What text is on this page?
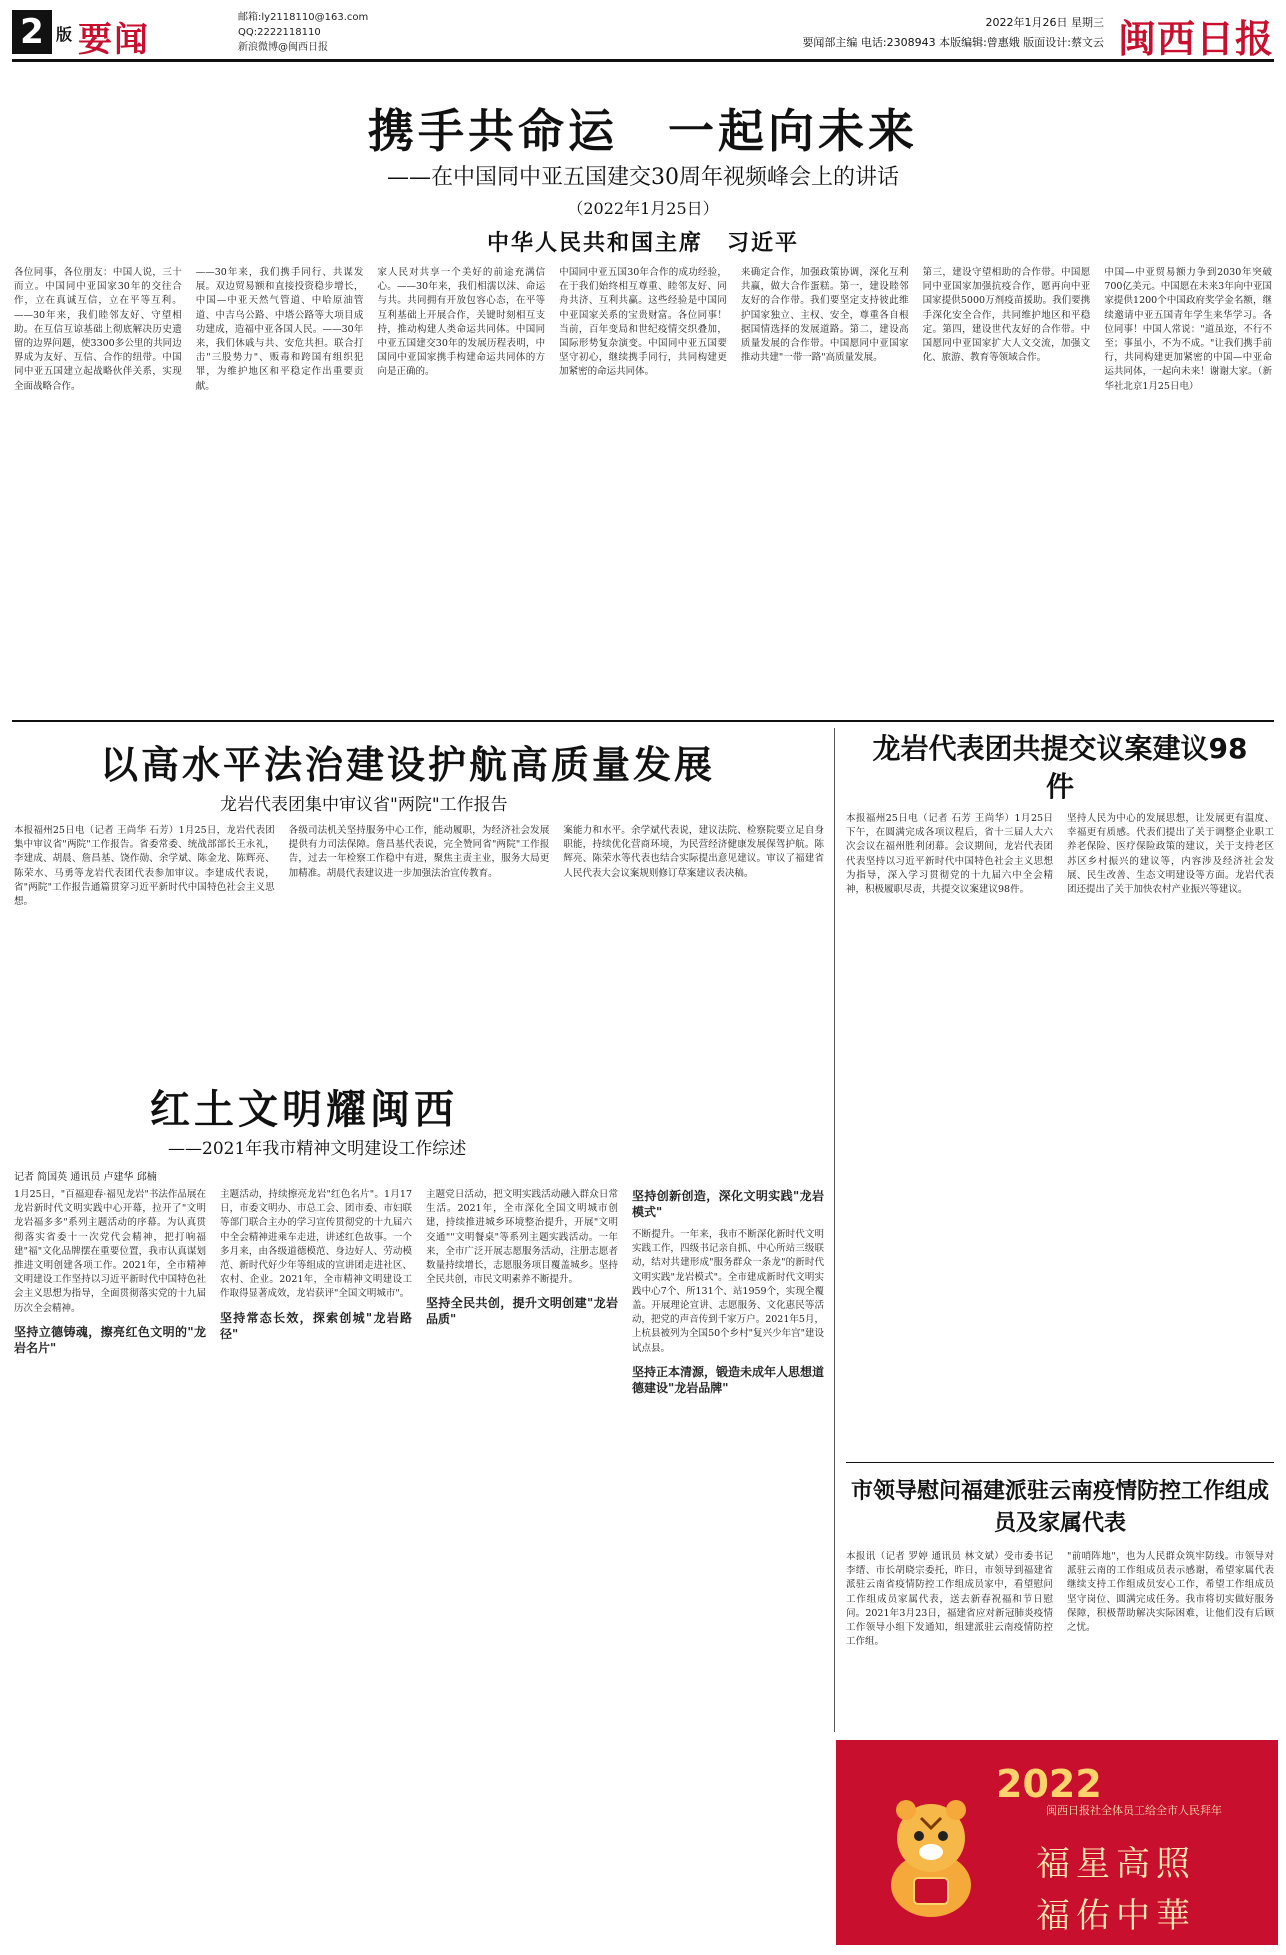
2 版 要闻
邮箱:ly2118110@163.com
QQ:2222118110
新浪微博@闽西日报
2022年1月26日 星期三
要闻部主编 电话:2308943 本版编辑:曾惠娥 版面设计:蔡文云 闽西日报
携手共命运　一起向未来
——在中国同中亚五国建交30周年视频峰会上的讲话
（2022年1月25日）
中华人民共和国主席　习近平
各位同事，各位朋友：中国人说，三十而立。中国同中亚国家30年的交往合作，立在真诚互信，立在平等互利。——30年来，我们睦邻友好、守望相助。在互信互谅基础上彻底解决历史遗留的边界问题，使3300多公里的共同边界成为友好、互信、合作的纽带。中国同中亚五国建立起战略伙伴关系，实现全面战略合作。
——30年来，我们携手同行、共谋发展。双边贸易额和直接投资稳步增长，中国—中亚天然气管道、中哈原油管道、中吉乌公路、中塔公路等大项目成功建成，造福中亚各国人民。——30年来，我们休戚与共、安危共担。联合打击"三股势力"、贩毒和跨国有组织犯罪，为维护地区和平稳定作出重要贡献。
家人民对共享一个美好的前途充满信心。——30年来，我们相濡以沫、命运与共。共同拥有开放包容心态，在平等互利基础上开展合作，关键时刻相互支持，推动构建人类命运共同体。中国同中亚五国建交30年的发展历程表明，中国同中亚国家携手构建命运共同体的方向是正确的。
中国同中亚五国30年合作的成功经验，在于我们始终相互尊重、睦邻友好、同舟共济、互利共赢。这些经验是中国同中亚国家关系的宝贵财富。各位同事！当前，百年变局和世纪疫情交织叠加，国际形势复杂演变。中国同中亚五国要坚守初心，继续携手同行，共同构建更加紧密的命运共同体。
来确定合作，加强政策协调，深化互利共赢，做大合作蛋糕。第一，建设睦邻友好的合作带。我们要坚定支持彼此维护国家独立、主权、安全，尊重各自根据国情选择的发展道路。第二，建设高质量发展的合作带。中国愿同中亚国家推动共建"一带一路"高质量发展。
第三，建设守望相助的合作带。中国愿同中亚国家加强抗疫合作，愿再向中亚国家提供5000万剂疫苗援助。我们要携手深化安全合作，共同维护地区和平稳定。第四，建设世代友好的合作带。中国愿同中亚国家扩大人文交流，加强文化、旅游、教育等领域合作。
中国—中亚贸易额力争到2030年突破700亿美元。中国愿在未来3年向中亚国家提供1200个中国政府奖学金名额，继续邀请中亚五国青年学生来华学习。各位同事！中国人常说："道虽迩，不行不至；事虽小，不为不成。"让我们携手前行，共同构建更加紧密的中国—中亚命运共同体，一起向未来！谢谢大家。（新华社北京1月25日电）
以高水平法治建设护航高质量发展
龙岩代表团集中审议省"两院"工作报告
本报福州25日电（记者 王尚华 石芳）1月25日，龙岩代表团集中审议省"两院"工作报告。省委常委、统战部部长王永礼，李建成、胡晨、詹昌基、饶作勋、余学斌、陈金龙、陈辉亮、陈荣水、马勇等龙岩代表团代表参加审议。李建成代表说，省"两院"工作报告通篇贯穿习近平新时代中国特色社会主义思想。
各级司法机关坚持服务中心工作，能动履职，为经济社会发展提供有力司法保障。詹昌基代表说，完全赞同省"两院"工作报告，过去一年检察工作稳中有进，聚焦主责主业，服务大局更加精准。胡晨代表建议进一步加强法治宣传教育。
案能力和水平。余学斌代表说，建议法院、检察院要立足自身职能，持续优化营商环境，为民营经济健康发展保驾护航。陈辉亮、陈荣水等代表也结合实际提出意见建议。审议了福建省人民代表大会议案规则修订草案建议表决稿。
龙岩代表团共提交议案建议98件
本报福州25日电（记者 石芳 王尚华）1月25日下午，在圆满完成各项议程后，省十三届人大六次会议在福州胜利闭幕。会议期间，龙岩代表团代表坚持以习近平新时代中国特色社会主义思想为指导，深入学习贯彻党的十九届六中全会精神，积极履职尽责，共提交议案建议98件。
坚持人民为中心的发展思想，让发展更有温度、幸福更有质感。代表们提出了关于调整企业职工养老保险、医疗保险政策的建议，关于支持老区苏区乡村振兴的建议等，内容涉及经济社会发展、民生改善、生态文明建设等方面。龙岩代表团还提出了关于加快农村产业振兴等建议。
市领导慰问福建派驻云南疫情防控工作组成员及家属代表
本报讯（记者 罗婷 通讯员 林文斌）受市委书记李缙、市长胡晓宗委托，昨日，市领导到福建省派驻云南省疫情防控工作组成员家中，看望慰问工作组成员家属代表，送去新春祝福和节日慰问。2021年3月23日，福建省应对新冠肺炎疫情工作领导小组下发通知，组建派驻云南疫情防控工作组。
"前哨阵地"，也为人民群众筑牢防线。市领导对派驻云南的工作组成员表示感谢，希望家属代表继续支持工作组成员安心工作，希望工作组成员坚守岗位、圆满完成任务。我市将切实做好服务保障，积极帮助解决实际困难，让他们没有后顾之忧。
红土文明耀闽西
——2021年我市精神文明建设工作综述
记者 简国英 通讯员 卢建华 邱楠

1月25日，"百福迎春·福见龙岩"书法作品展在龙岩新时代文明实践中心开幕，拉开了"文明龙岩福多多"系列主题活动的序幕。为认真贯彻落实省委十一次党代会精神，把打响福建"福"文化品牌摆在重要位置，我市认真谋划推进文明创建各项工作。2021年，全市精神文明建设工作坚持以习近平新时代中国特色社会主义思想为指导，全面贯彻落实党的十九届历次全会精神。

坚持立德铸魂，擦亮红色文明的"龙岩名片"

主题活动，持续擦亮龙岩"红色名片"。1月17日，市委文明办、市总工会、团市委、市妇联等部门联合主办的学习宣传贯彻党的十九届六中全会精神进乘车走进，讲述红色故事。一个多月来，由各级道德模范、身边好人、劳动模范、新时代好少年等组成的宣讲团走进社区、农村、企业。2021年，全市精神文明建设工作取得显著成效，龙岩获评"全国文明城市"。

坚持常态长效，探索创城"龙岩路径"

主题党日活动，把文明实践活动融入群众日常生活。2021年，全市深化全国文明城市创建，持续推进城乡环境整治提升，开展"文明交通""文明餐桌"等系列主题实践活动。一年来，全市广泛开展志愿服务活动，注册志愿者数量持续增长，志愿服务项目覆盖城乡。坚持全民共创，市民文明素养不断提升。

坚持全民共创，提升文明创建"龙岩品质"

坚持创新创造，深化文明实践"龙岩模式"

不断提升。一年来，我市不断深化新时代文明实践工作，四级书记亲自抓、中心所站三级联动，结对共建形成"服务群众一条龙"的新时代文明实践"龙岩模式"。全市建成新时代文明实践中心7个、所131个、站1959个，实现全覆盖。开展理论宣讲、志愿服务、文化惠民等活动，把党的声音传到千家万户。2021年5月，上杭县被列为全国50个乡村"复兴少年宫"建设试点县。

坚持正本清源，锻造未成年人思想道德建设"龙岩品牌"

2022
闽西日报社全体员工给全市人民拜年
福星高照
福佑中華
